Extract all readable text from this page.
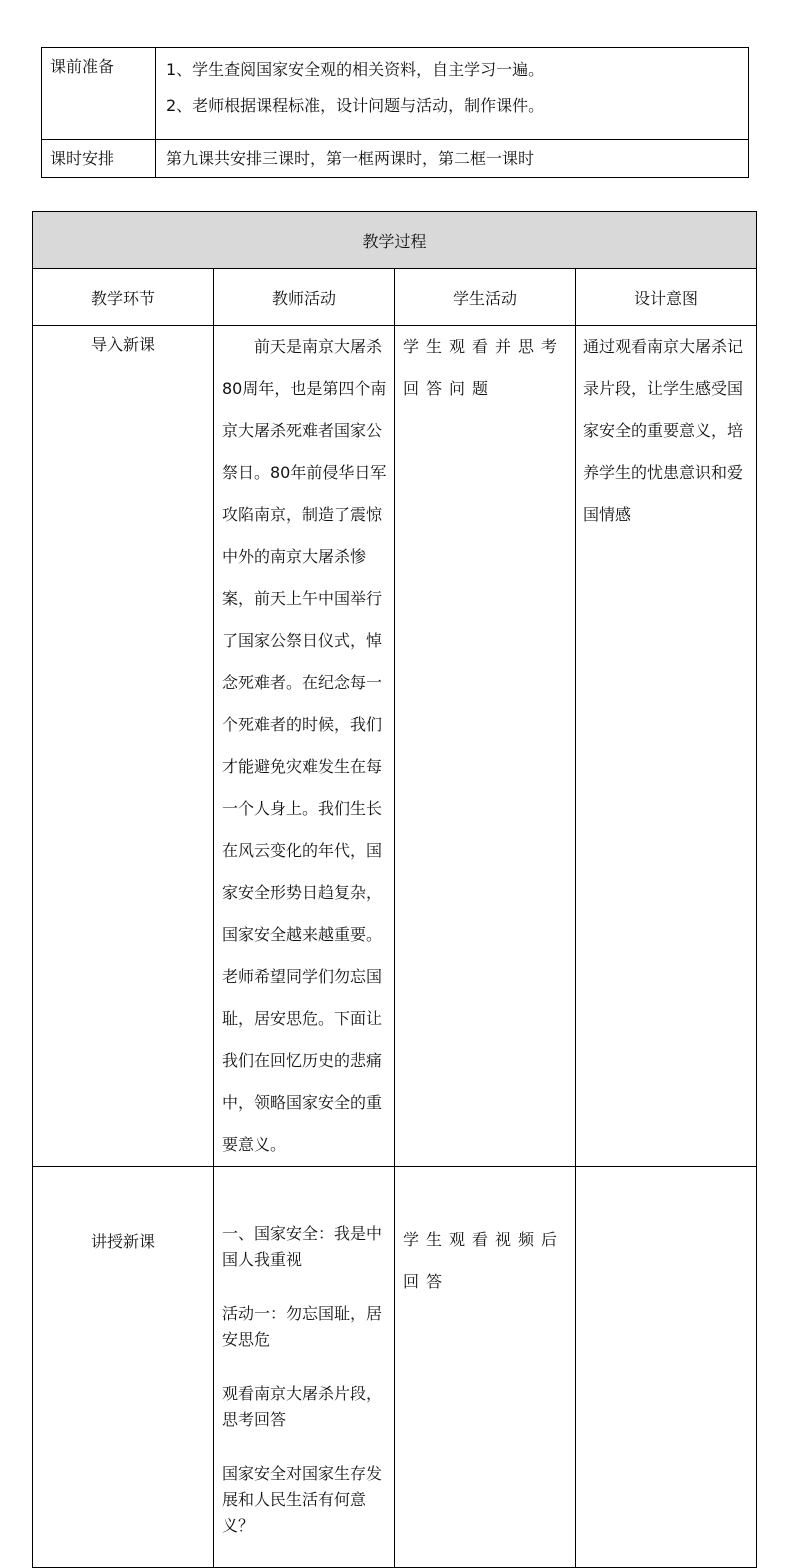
课前准备	1、学生查阅国家安全观的相关资料，自主学习一遍。

2、老师根据课程标准，设计问题与活动，制作课件。

课时安排	第九课共安排三课时，第一框两课时，第二框一课时
教学过程			
教学环节	教师活动	学生活动	设计意图
导入新课	前天是南京大屠杀80周年，也是第四个南京大屠杀死难者国家公祭日。80年前侵华日军攻陷南京，制造了震惊中外的南京大屠杀惨案，前天上午中国举行了国家公祭日仪式，悼念死难者。在纪念每一个死难者的时候，我们才能避免灾难发生在每一个人身上。我们生长在风云变化的年代，国家安全形势日趋复杂，国家安全越来越重要。老师希望同学们勿忘国耻，居安思危。下面让我们在回忆历史的悲痛中，领略国家安全的重要意义。	学生观看并思考回答问题	通过观看南京大屠杀记录片段，让学生感受国家安全的重要意义，培养学生的忧患意识和爱国情感
讲授新课	一、国家安全：我是中国人我重视

活动一：勿忘国耻，居安思危

观看南京大屠杀片段，思考回答

国家安全对国家生存发展和人民生活有何意义？	学生观看视频后回答	
